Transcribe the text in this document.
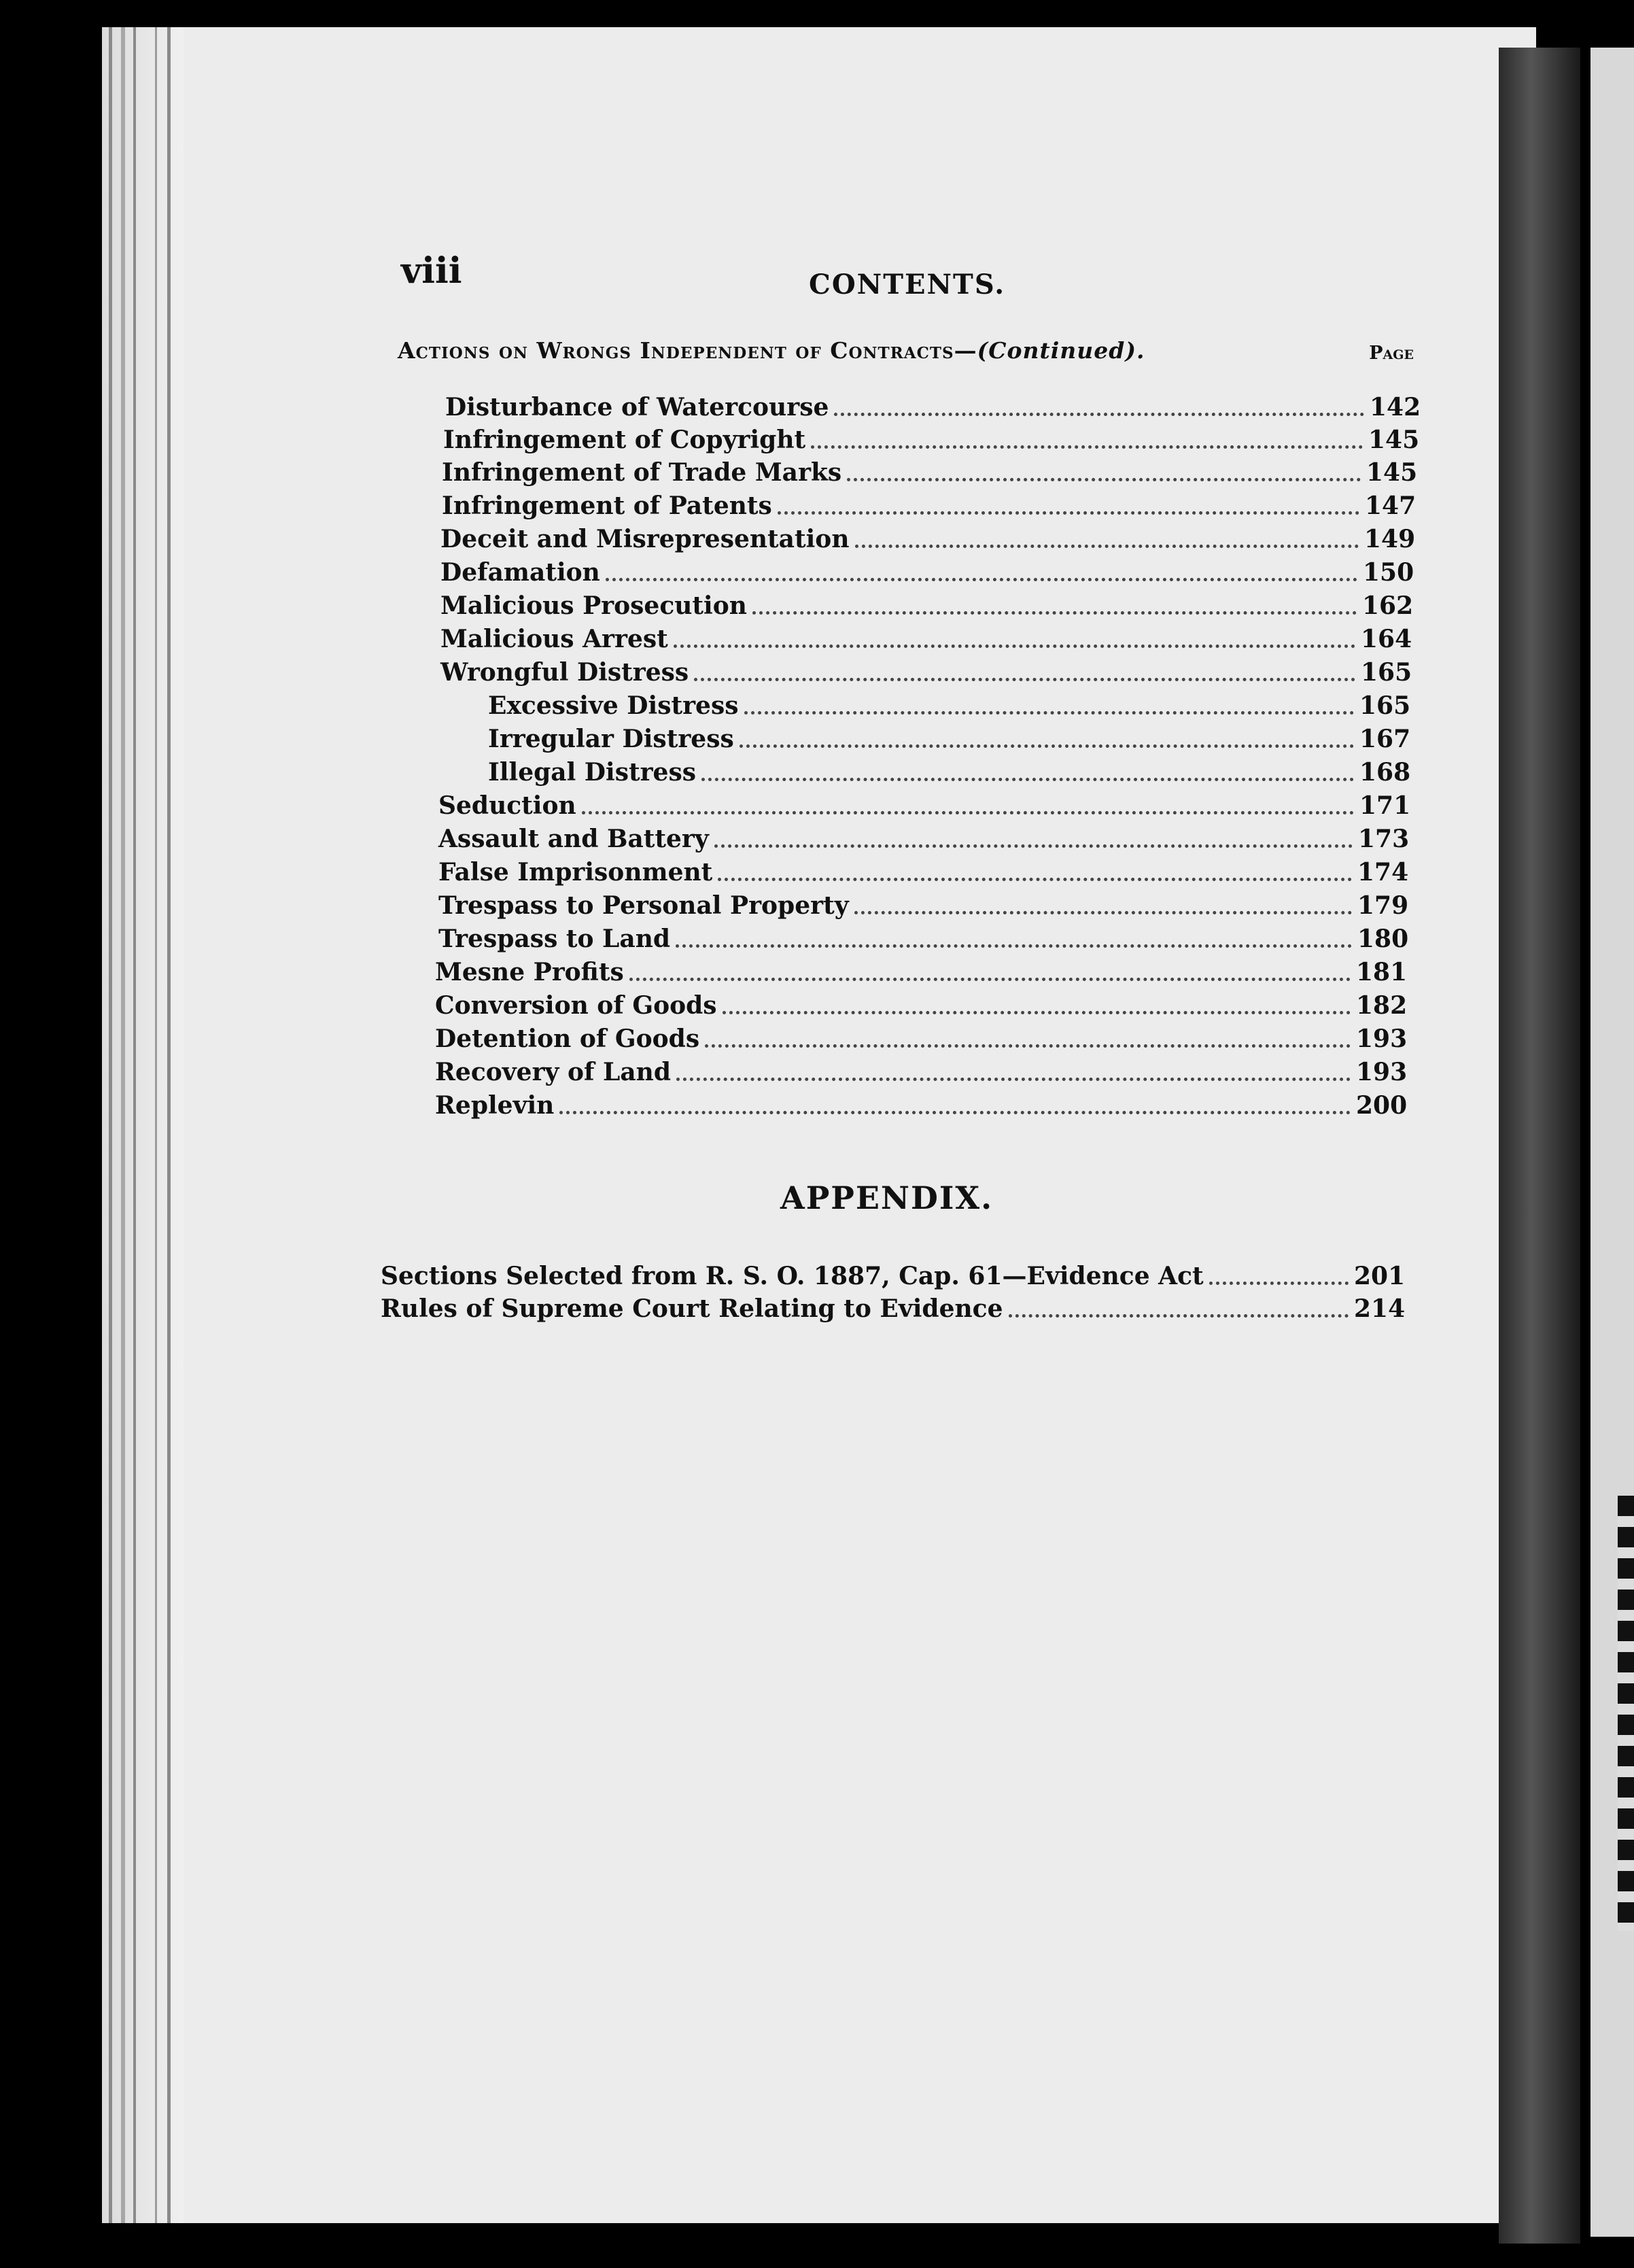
viii	CONTENTS.
Actions on Wrongs Independent of Contracts—(Continued).	Page
Disturbance of Watercourse	142
Infringement of Copyright	145
Infringement of Trade Marks	145
Infringement of Patents	147
Deceit and Misrepresentation	149
Defamation	150
Malicious Prosecution	162
Malicious Arrest	164
Wrongful Distress	165
Excessive Distress	165
Irregular Distress	167
Illegal Distress	168
Seduction	171
Assault and Battery	173
False Imprisonment	174
Trespass to Personal Property	179
Trespass to Land	180
Mesne Profits	181
Conversion of Goods	182
Detention of Goods	193
Recovery of Land	193
Replevin	200
APPENDIX.
Sections Selected from R. S. O. 1887, Cap. 61—Evidence Act	201
Rules of Supreme Court Relating to Evidence	214
